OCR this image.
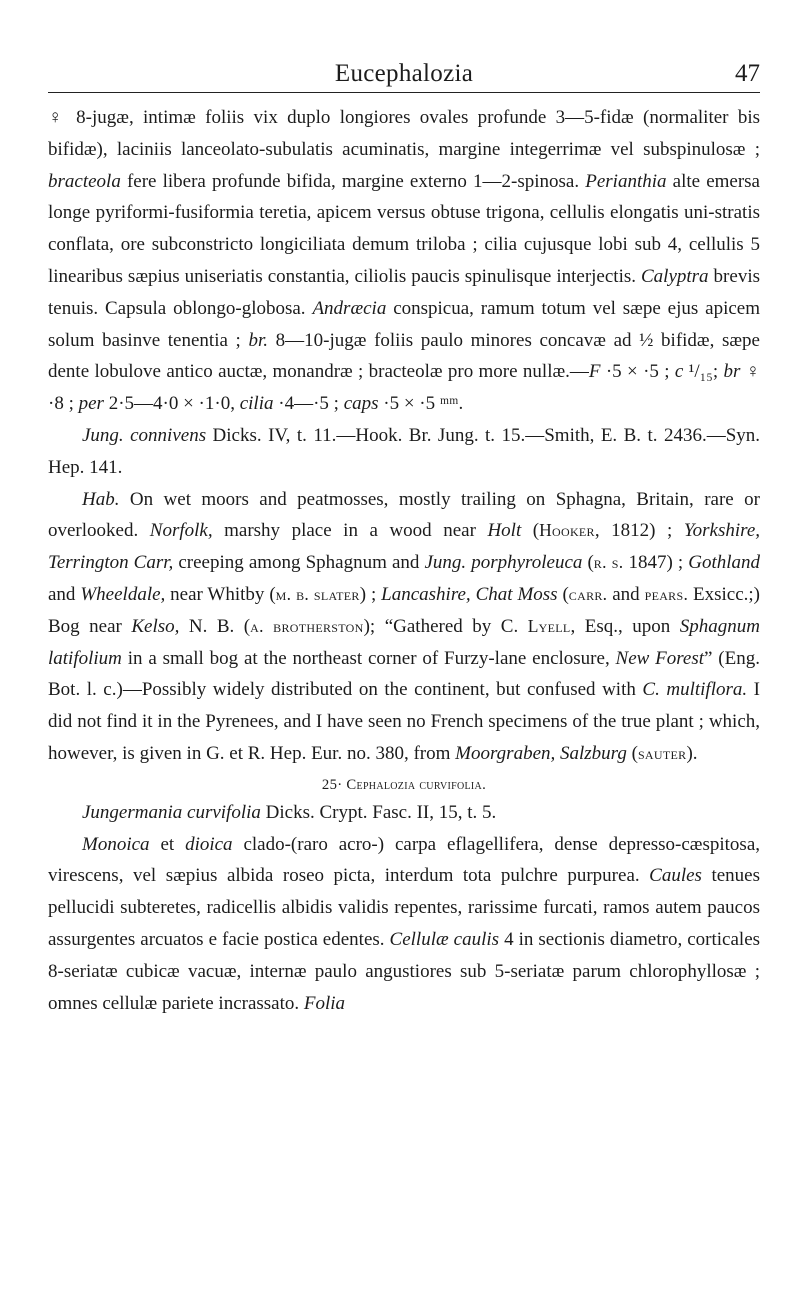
Eucephalozia	47

♀ 8-jugæ, intimæ foliis vix duplo longiores ovales profunde 3—5-fidæ (normaliter bis bifidæ), laciniis lanceolato-subulatis acuminatis, margine integerrimæ vel subspinulosæ ; bracteola fere libera profunde bifida, margine externo 1—2-spinosa. Perianthia alte emersa longe pyriformi-fusiformia teretia, apicem versus obtuse trigona, cellulis elongatis uni-stratis conflata, ore subconstricto longiciliata demum triloba ; cilia cujusque lobi sub 4, cellulis 5 linearibus sæpius uniseriatis constantia, ciliolis paucis spinulisque interjectis. Calyptra brevis tenuis. Capsula oblongo-globosa. Andræcia conspicua, ramum totum vel sæpe ejus apicem solum basinve tenentia ; br. 8—10-jugæ foliis paulo minores concavæ ad ½ bifidæ, sæpe dente lobulove antico auctæ, monandræ ; bracteolæ pro more nullæ.—F ·5 × ·5 ; c ¹/₁₅; br ♀ ·8 ; per 2·5—4·0 × ·1·0, cilia ·4—·5 ; caps ·5 × ·5 ᵐᵐ.

Jung. connivens Dicks. IV, t. 11.—Hook. Br. Jung. t. 15.—Smith, E. B. t. 2436.—Syn. Hep. 141.

Hab. On wet moors and peatmosses, mostly trailing on Sphagna, Britain, rare or overlooked. Norfolk, marshy place in a wood near Holt (Hooker, 1812) ; Yorkshire, Terrington Carr, creeping among Sphagnum and Jung. porphyroleuca (r. s. 1847) ; Gothland and Wheeldale, near Whitby (m. b. slater) ; Lancashire, Chat Moss (carr. and pears. Exsicc.;) Bog near Kelso, N. B. (a. brotherston); “Gathered by C. Lyell, Esq., upon Sphagnum latifolium in a small bog at the northeast corner of Furzy-lane enclosure, New Forest” (Eng. Bot. l. c.)—Possibly widely distributed on the continent, but confused with C. multiflora. I did not find it in the Pyrenees, and I have seen no French specimens of the true plant ; which, however, is given in G. et R. Hep. Eur. no. 380, from Moorgraben, Salzburg (sauter).

25· Cephalozia curvifolia.

Jungermania curvifolia Dicks. Crypt. Fasc. II, 15, t. 5.

Monoica et dioica clado-(raro acro-) carpa eflagellifera, dense depresso-cæspitosa, virescens, vel sæpius albida roseo picta, interdum tota pulchre purpurea. Caules tenues pellucidi subteretes, radicellis albidis validis repentes, rarissime furcati, ramos autem paucos assurgentes arcuatos e facie postica edentes. Cellulæ caulis 4 in sectionis diametro, corticales 8-seriatæ cubicæ vacuæ, internæ paulo angustiores sub 5-seriatæ parum chlorophyllosæ ; omnes cellulæ pariete incrassato. Folia
